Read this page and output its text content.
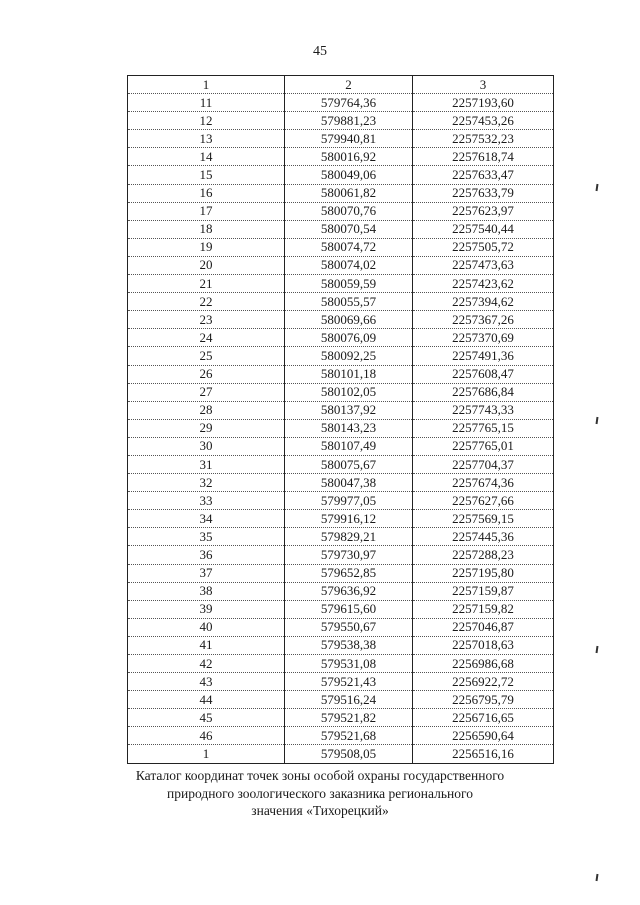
45
1	2	3
11	579764,36	2257193,60
12	579881,23	2257453,26
13	579940,81	2257532,23
14	580016,92	2257618,74
15	580049,06	2257633,47
16	580061,82	2257633,79
17	580070,76	2257623,97
18	580070,54	2257540,44
19	580074,72	2257505,72
20	580074,02	2257473,63
21	580059,59	2257423,62
22	580055,57	2257394,62
23	580069,66	2257367,26
24	580076,09	2257370,69
25	580092,25	2257491,36
26	580101,18	2257608,47
27	580102,05	2257686,84
28	580137,92	2257743,33
29	580143,23	2257765,15
30	580107,49	2257765,01
31	580075,67	2257704,37
32	580047,38	2257674,36
33	579977,05	2257627,66
34	579916,12	2257569,15
35	579829,21	2257445,36
36	579730,97	2257288,23
37	579652,85	2257195,80
38	579636,92	2257159,87
39	579615,60	2257159,82
40	579550,67	2257046,87
41	579538,38	2257018,63
42	579531,08	2256986,68
43	579521,43	2256922,72
44	579516,24	2256795,79
45	579521,82	2256716,65
46	579521,68	2256590,64
1	579508,05	2256516,16
Каталог координат точек зоны особой охраны государственного
природного зоологического заказника регионального
значения «Тихорецкий»
